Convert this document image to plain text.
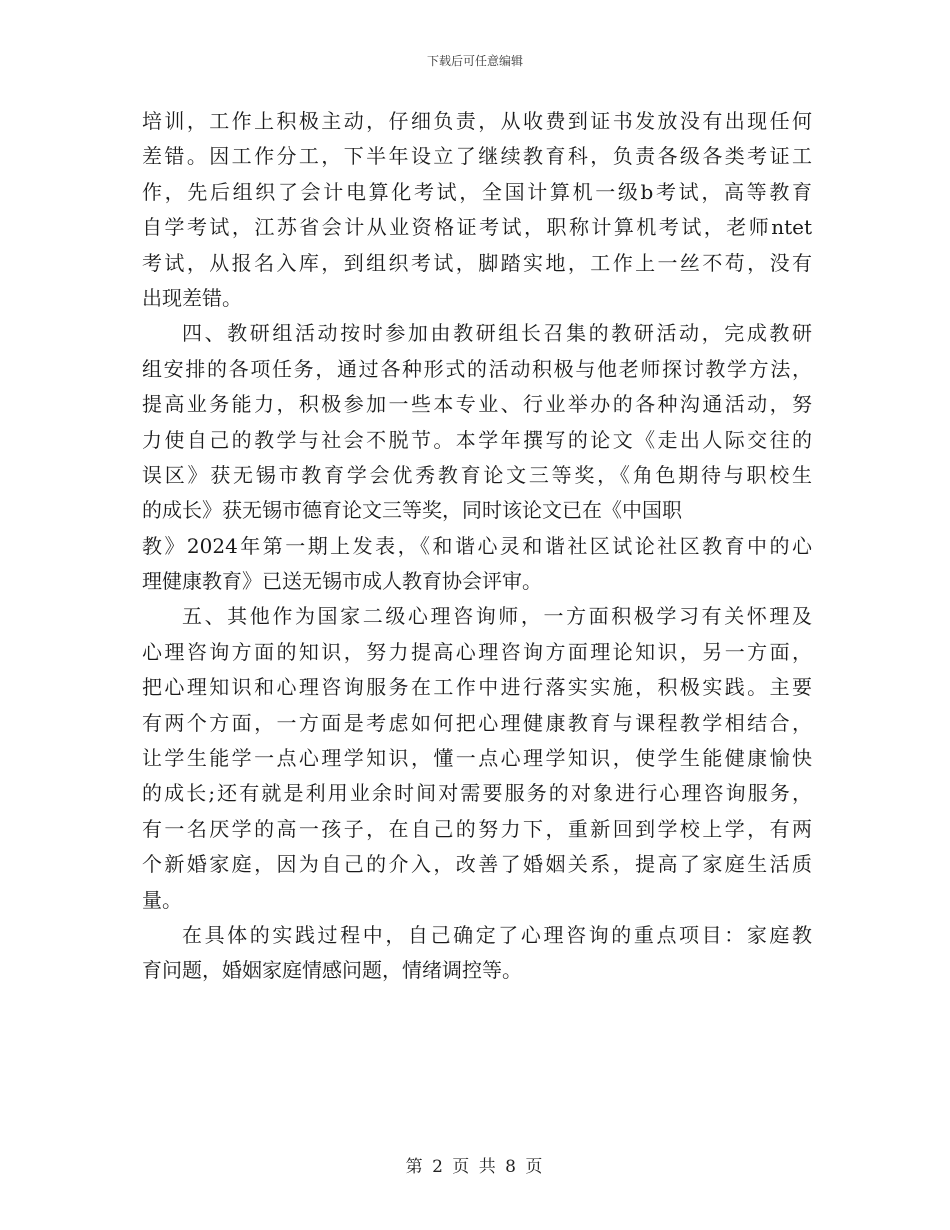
下载后可任意编辑
培训，工作上积极主动，仔细负责，从收费到证书发放没有出现任何
差错。因工作分工，下半年设立了继续教育科，负责各级各类考证工
作，先后组织了会计电算化考试，全国计算机一级b考试，高等教育
自学考试，江苏省会计从业资格证考试，职称计算机考试，老师ntet
考试，从报名入库，到组织考试，脚踏实地，工作上一丝不苟，没有
出现差错。
四、教研组活动按时参加由教研组长召集的教研活动，完成教研
组安排的各项任务，通过各种形式的活动积极与他老师探讨教学方法，
提高业务能力，积极参加一些本专业、行业举办的各种沟通活动，努
力使自己的教学与社会不脱节。本学年撰写的论文《走出人际交往的
误区》获无锡市教育学会优秀教育论文三等奖，《角色期待与职校生
的成长》获无锡市德育论文三等奖，同时该论文已在《中国职
教》2024年第一期上发表，《和谐心灵和谐社区试论社区教育中的心
理健康教育》已送无锡市成人教育协会评审。
五、其他作为国家二级心理咨询师，一方面积极学习有关怀理及
心理咨询方面的知识，努力提高心理咨询方面理论知识，另一方面，
把心理知识和心理咨询服务在工作中进行落实实施，积极实践。主要
有两个方面，一方面是考虑如何把心理健康教育与课程教学相结合，
让学生能学一点心理学知识，懂一点心理学知识，使学生能健康愉快
的成长;还有就是利用业余时间对需要服务的对象进行心理咨询服务，
有一名厌学的高一孩子，在自己的努力下，重新回到学校上学，有两
个新婚家庭，因为自己的介入，改善了婚姻关系，提高了家庭生活质
量。
在具体的实践过程中，自己确定了心理咨询的重点项目：家庭教
育问题，婚姻家庭情感问题，情绪调控等。
第 2 页 共 8 页
